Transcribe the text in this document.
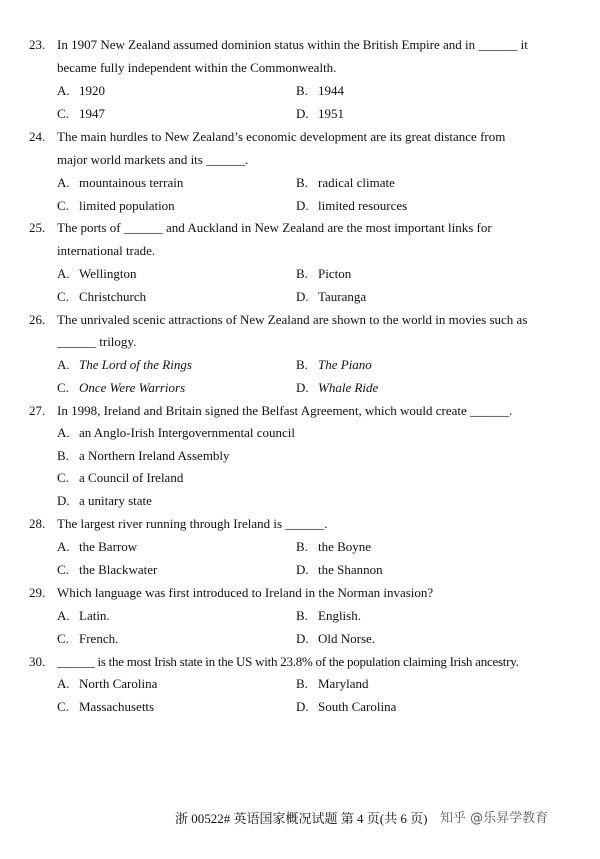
23. In 1907 New Zealand assumed dominion status within the British Empire and in ______ it
became fully independent within the Commonwealth.
A. 1920	B. 1944
C. 1947	D. 1951
24. The main hurdles to New Zealand’s economic development are its great distance from
major world markets and its ______.
A. mountainous terrain	B. radical climate
C. limited population	D. limited resources
25. The ports of ______ and Auckland in New Zealand are the most important links for
international trade.
A. Wellington	B. Picton
C. Christchurch	D. Tauranga
26. The unrivaled scenic attractions of New Zealand are shown to the world in movies such as
______ trilogy.
A. The Lord of the Rings	B. The Piano
C. Once Were Warriors	D. Whale Ride
27. In 1998, Ireland and Britain signed the Belfast Agreement, which would create ______.
A. an Anglo-Irish Intergovernmental council
B. a Northern Ireland Assembly
C. a Council of Ireland
D. a unitary state
28. The largest river running through Ireland is ______.
A. the Barrow	B. the Boyne
C. the Blackwater	D. the Shannon
29. Which language was first introduced to Ireland in the Norman invasion?
A. Latin.	B. English.
C. French.	D. Old Norse.
30. ______ is the most Irish state in the US with 23.8% of the population claiming Irish ancestry.
A. North Carolina	B. Maryland
C. Massachusetts	D. South Carolina
浙 00522# 英语国家概况试题 第 4 页(共 6 页) 知乎 @乐昇学教育
